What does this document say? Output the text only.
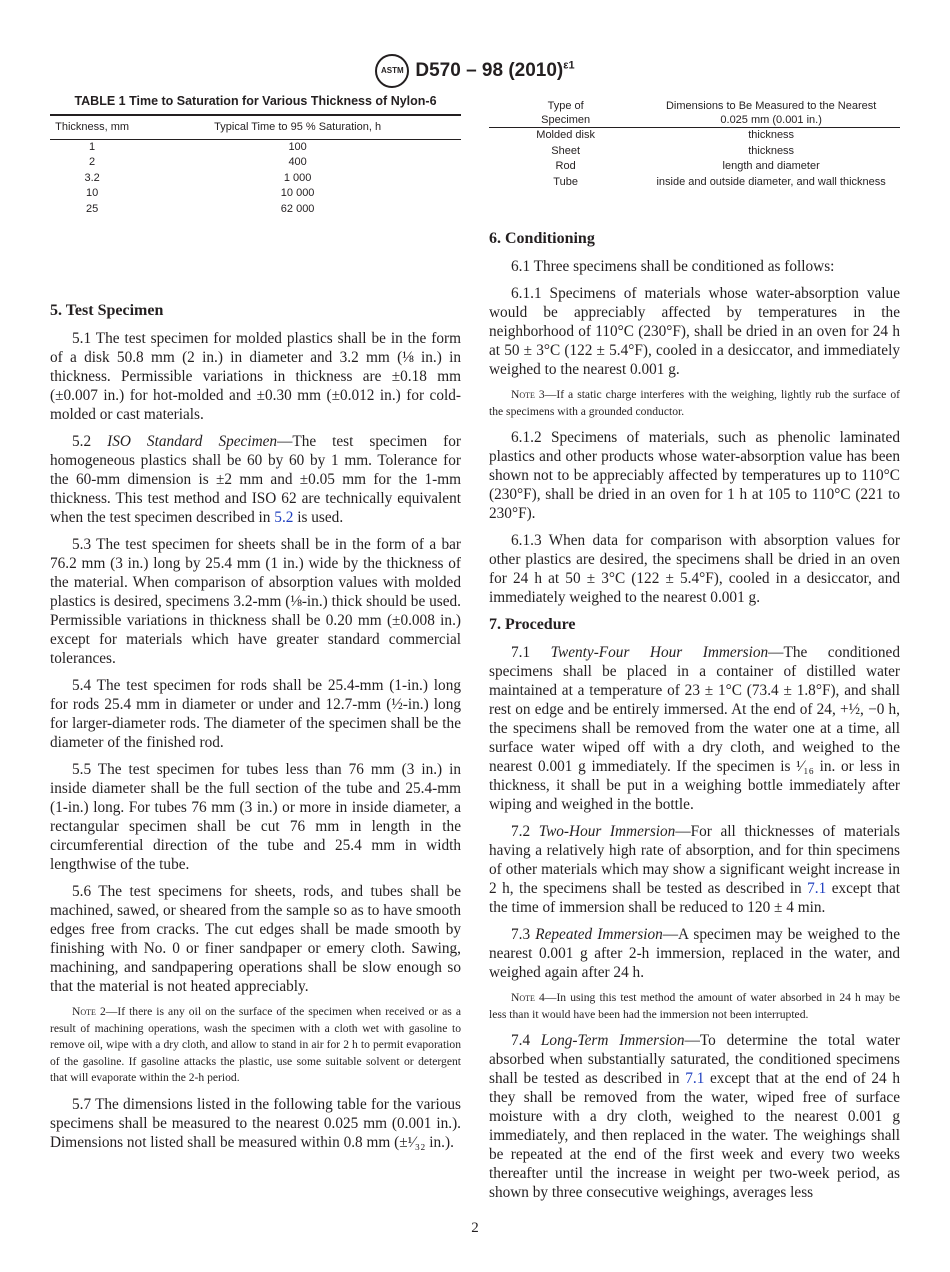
ASTM D570 – 98 $(2010)^{\varepsilon 1}$
TABLE 1 Time to Saturation for Various Thickness of Nylon-6
Thickness, mm	Typical Time to 95 % Saturation, h
1	100
2	400
3.2	1 000
10	10 000
25	62 000
Type of Specimen	Dimensions to Be Measured to the Nearest 0.025 mm (0.001 in.)
Molded disk	thickness
Sheet	thickness
Rod	length and diameter
Tube	inside and outside diameter, and wall thickness
5. Test Specimen

5.1 The test specimen for molded plastics shall be in the form of a disk 50.8 mm (2 in.) in diameter and 3.2 mm (⅛ in.) in thickness. Permissible variations in thickness are ±0.18 mm (±0.007 in.) for hot-molded and ±0.30 mm (±0.012 in.) for cold-molded or cast materials.

5.2 ISO Standard Specimen—The test specimen for homogeneous plastics shall be 60 by 60 by 1 mm. Tolerance for the 60-mm dimension is ±2 mm and ±0.05 mm for the 1-mm thickness. This test method and ISO 62 are technically equivalent when the test specimen described in 5.2 is used.

5.3 The test specimen for sheets shall be in the form of a bar 76.2 mm (3 in.) long by 25.4 mm (1 in.) wide by the thickness of the material. When comparison of absorption values with molded plastics is desired, specimens 3.2-mm (⅛-in.) thick should be used. Permissible variations in thickness shall be 0.20 mm (±0.008 in.) except for materials which have greater standard commercial tolerances.

5.4 The test specimen for rods shall be 25.4-mm (1-in.) long for rods 25.4 mm in diameter or under and 12.7-mm (½-in.) long for larger-diameter rods. The diameter of the specimen shall be the diameter of the finished rod.

5.5 The test specimen for tubes less than 76 mm (3 in.) in inside diameter shall be the full section of the tube and 25.4-mm (1-in.) long. For tubes 76 mm (3 in.) or more in inside diameter, a rectangular specimen shall be cut 76 mm in length in the circumferential direction of the tube and 25.4 mm in width lengthwise of the tube.

5.6 The test specimens for sheets, rods, and tubes shall be machined, sawed, or sheared from the sample so as to have smooth edges free from cracks. The cut edges shall be made smooth by finishing with No. 0 or finer sandpaper or emery cloth. Sawing, machining, and sandpapering operations shall be slow enough so that the material is not heated appreciably.

Note 2—If there is any oil on the surface of the specimen when received or as a result of machining operations, wash the specimen with a cloth wet with gasoline to remove oil, wipe with a dry cloth, and allow to stand in air for 2 h to permit evaporation of the gasoline. If gasoline attacks the plastic, use some suitable solvent or detergent that will evaporate within the 2-h period.

5.7 The dimensions listed in the following table for the various specimens shall be measured to the nearest 0.025 mm (0.001 in.). Dimensions not listed shall be measured within 0.8 mm (±¹⁄₃₂ in.).

6. Conditioning

6.1 Three specimens shall be conditioned as follows:

6.1.1 Specimens of materials whose water-absorption value would be appreciably affected by temperatures in the neighborhood of 110°C (230°F), shall be dried in an oven for 24 h at 50 ± 3°C (122 ± 5.4°F), cooled in a desiccator, and immediately weighed to the nearest 0.001 g.

Note 3—If a static charge interferes with the weighing, lightly rub the surface of the specimens with a grounded conductor.

6.1.2 Specimens of materials, such as phenolic laminated plastics and other products whose water-absorption value has been shown not to be appreciably affected by temperatures up to 110°C (230°F), shall be dried in an oven for 1 h at 105 to 110°C (221 to 230°F).

6.1.3 When data for comparison with absorption values for other plastics are desired, the specimens shall be dried in an oven for 24 h at 50 ± 3°C (122 ± 5.4°F), cooled in a desiccator, and immediately weighed to the nearest 0.001 g.

7. Procedure

7.1 Twenty-Four Hour Immersion—The conditioned specimens shall be placed in a container of distilled water maintained at a temperature of 23 ± 1°C (73.4 ± 1.8°F), and shall rest on edge and be entirely immersed. At the end of 24, +½, −0 h, the specimens shall be removed from the water one at a time, all surface water wiped off with a dry cloth, and weighed to the nearest 0.001 g immediately. If the specimen is ¹⁄₁₆ in. or less in thickness, it shall be put in a weighing bottle immediately after wiping and weighed in the bottle.

7.2 Two-Hour Immersion—For all thicknesses of materials having a relatively high rate of absorption, and for thin specimens of other materials which may show a significant weight increase in 2 h, the specimens shall be tested as described in 7.1 except that the time of immersion shall be reduced to 120 ± 4 min.

7.3 Repeated Immersion—A specimen may be weighed to the nearest 0.001 g after 2-h immersion, replaced in the water, and weighed again after 24 h.

Note 4—In using this test method the amount of water absorbed in 24 h may be less than it would have been had the immersion not been interrupted.

7.4 Long-Term Immersion—To determine the total water absorbed when substantially saturated, the conditioned specimens shall be tested as described in 7.1 except that at the end of 24 h they shall be removed from the water, wiped free of surface moisture with a dry cloth, weighed to the nearest 0.001 g immediately, and then replaced in the water. The weighings shall be repeated at the end of the first week and every two weeks thereafter until the increase in weight per two-week period, as shown by three consecutive weighings, averages less

2
